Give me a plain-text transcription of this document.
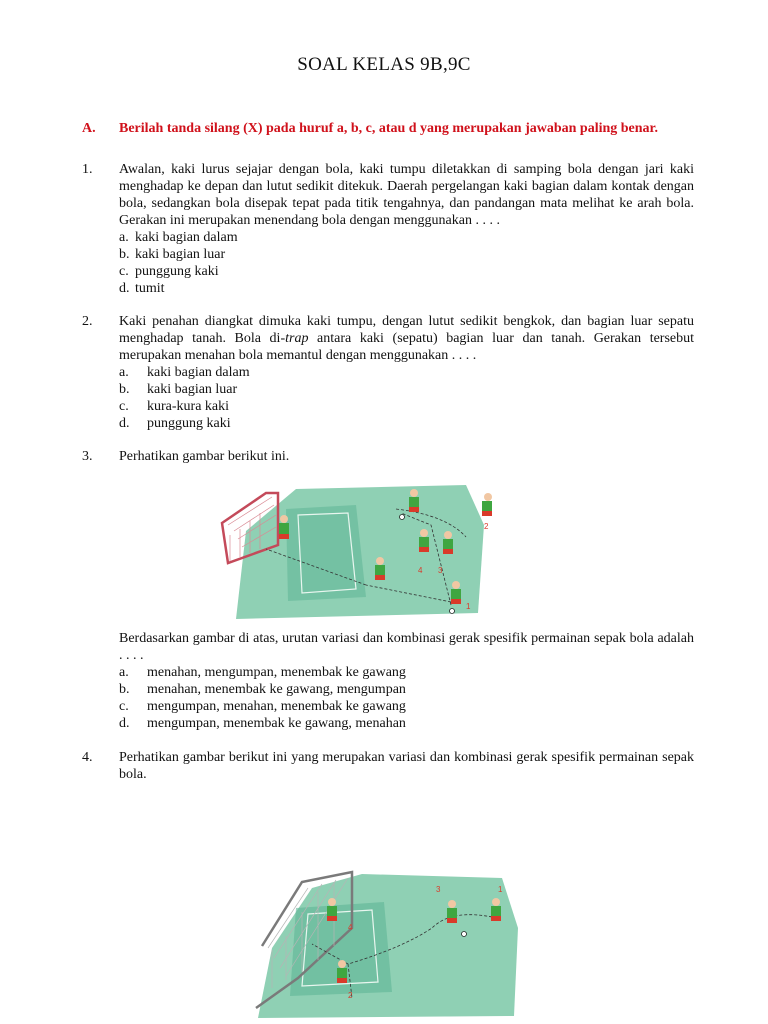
SOAL KELAS 9B,9C
A.	Berilah tanda silang (X) pada huruf a, b, c, atau d yang merupakan jawaban paling benar.
1.	Awalan, kaki lurus sejajar dengan bola, kaki tumpu diletakkan di samping bola dengan jari kaki menghadap ke depan dan lutut sedikit ditekuk. Daerah pergelangan kaki bagian dalam kontak dengan bola, sedangkan bola disepak tepat pada titik tengahnya, dan pandangan mata melihat ke arah bola. Gerakan ini merupakan menendang bola dengan menggunakan . . . .
a. kaki bagian dalam
b. kaki bagian luar
c. punggung kaki
d. tumit
2.	Kaki penahan diangkat dimuka kaki tumpu, dengan lutut sedikit bengkok, dan bagian luar sepatu menghadap tanah. Bola di-trap antara kaki (sepatu) bagian luar dan tanah. Gerakan tersebut merupakan menahan bola memantul dengan menggunakan . . . .
a.	kaki bagian dalam
b.	kaki bagian luar
c.	kura-kura kaki
d.	punggung kaki
3.	Perhatikan gambar berikut ini.
1
2
3
4
Berdasarkan gambar di atas, urutan variasi dan kombinasi gerak spesifik permainan sepak bola adalah . . . .
a.	menahan, mengumpan, menembak ke gawang
b.	menahan, menembak ke gawang, mengumpan
c.	mengumpan, menahan, menembak ke gawang
d.	mengumpan, menembak ke gawang, menahan
4.	Perhatikan gambar berikut ini yang merupakan variasi dan kombinasi gerak spesifik permainan sepak bola.
1
2
3
4
